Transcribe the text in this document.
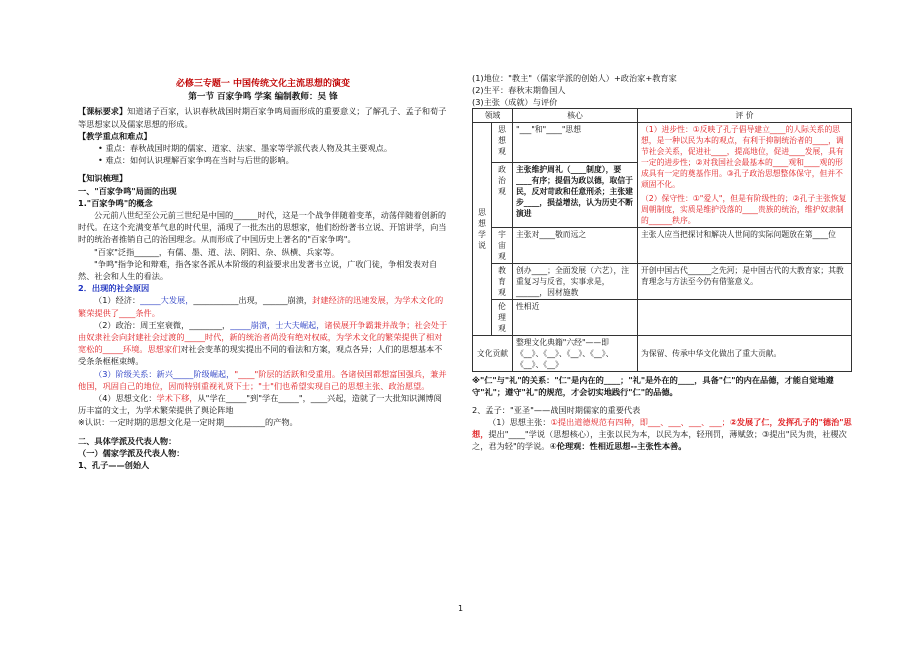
必修三专题一 中国传统文化主流思想的演变
第一节 百家争鸣 学案 编制教师：吴 锋
【课标要求】知道诸子百家，认识春秋战国时期百家争鸣局面形成的重要意义；了解孔子、孟子和荀子等思想家以及儒家思想的形成。
【教学重点和难点】
• 重点：春秋战国时期的儒家、道家、法家、墨家等学派代表人物及其主要观点。
• 难点：如何认识理解百家争鸣在当时与后世的影响。
【知识梳理】
一、"百家争鸣"局面的出现
1."百家争鸣"的概念
公元前八世纪至公元前三世纪是中国的______时代，这是一个战争伴随着变革，动荡伴随着创新的时代。在这个充满变革气息的时代里，涌现了一批杰出的思想家，他们纷纷著书立说、开馆讲学，向当时的统治者推销自己的治国理念。从而形成了中国历史上著名的"百家争鸣"。
"百家"泛指______，有儒、墨、道、法、阴阳、杂、纵横、兵家等。
"争鸣"指争论和辩难，指各家各派从本阶级的利益要求出发著书立说，广收门徒，争相发表对自然、社会和人生的看法。
2．出现的社会原因
（1）经济：_____大发展，___________出现，______崩溃，封建经济的迅速发展，为学术文化的繁荣提供了____条件。
（2）政治：周王室衰微，________，_____崩溃，士大夫崛起，诸侯展开争霸兼并战争；社会处于由奴隶社会向封建社会过渡的_____时代，新的统治者尚没有绝对权威，为学术文化的繁荣提供了相对宽松的_____环境。思想家们对社会变革的现实提出不同的看法和方案，观点各异；人们的思想基本不受条条框框束缚。
（3）阶级关系：新兴_____阶级崛起，"____"阶层的活跃和受重用。各诸侯国都想富国强兵，兼并他国，巩固自己的地位，因而特别重视礼贤下士；"士"们也希望实现自己的思想主张、政治愿望。
（4）思想文化：学术下移，从"学在_____"到"学在_____"，____兴起，造就了一大批知识渊博阅历丰富的文士，为学术繁荣提供了舆论阵地
※认识：一定时期的思想文化是一定时期__________的产物。
二、具体学派及代表人物：
（一）儒家学派及代表人物：
1、孔子——创始人
(1)地位："教主"（儒家学派的创始人）+政治家+教育家
(2)生平：春秋末期鲁国人
(3)主张（成就）与评价
领域		核心	评 价
思想学说	思想观	"___"和"____"思想	（1）进步性：①反映了孔子倡导建立____的人际关系的思想，是一种以民为本的观点，有利于抑制统治者的____，调节社会关系，促进社____，提高地位，促进____发展，具有一定的进步性；②对我国社会最基本的____观和____观的形成具有一定的奠基作用。③孔子政治思想整体保守，但并不顽固不化。
（2）保守性：①"爱人"，但是有阶级性的；②孔子主张恢复周朝制度，实质是维护没落的____贵族的统治，维护奴隶制的______秩序。

	政治观	主张维护周礼（____制度），要____有序；提倡为政以德，取信于民，反对苛政和任意刑杀；主张建步____，损益增法，认为历史不断演进	
	宇宙观	主张对____敬而远之	主张人应当把探讨和解决人世间的实际问题放在第____位
	教育观	创办____；全面发展（六艺），注重复习与反省，实事求是，______，因材施教	开创中国古代______之先河；是中国古代的大教育家；其教育理念与方法至今仍有借鉴意义。
	伦理观	性相近	
文化贡献		整理文化典籍"六经"——即《__》、《__》、《__》、《__》、《__》、《__》	为保留、传承中华文化做出了重大贡献。
※"仁"与"礼"的关系："仁"是内在的____；"礼"是外在的____，具备"仁"的内在品德，才能自觉地遵守"礼"；遵守"礼"的规范，才会切实地践行"仁"的品德。
2、孟子："亚圣"——战国时期儒家的重要代表
（1）思想主张：①提出道德规范有四种，即___、___、___、___；②发展了仁，发挥孔子的"德治"思想，提出"____"学说（思想核心），主张以民为本，以民为本，轻刑罚，薄赋敛；③提出"民为贵，社稷次之，君为轻"的学说。④伦理观：性相近思想--主张性本善。
1
